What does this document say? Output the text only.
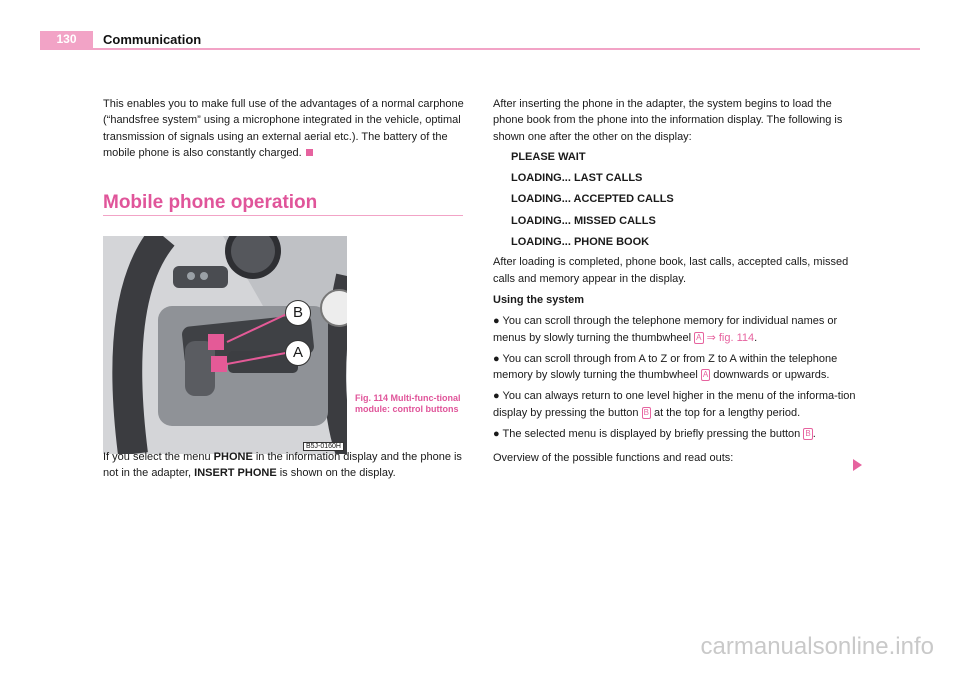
130	Communication

This enables you to make full use of the advantages of a normal carphone (“handsfree system” using a microphone integrated in the vehicle, optimal transmission of signals using an external aerial etc.). The battery of the mobile phone is also constantly charged.

Mobile phone operation
B
A
B5J-0160H
Fig. 114 Multi-func-tional module: control buttons

If you select the menu PHONE in the information display and the phone is not in the adapter, INSERT PHONE is shown on the display.

After inserting the phone in the adapter, the system begins to load the phone book from the phone into the information display. The following is shown one after the other on the display:

PLEASE WAIT

LOADING... LAST CALLS

LOADING... ACCEPTED CALLS

LOADING... MISSED CALLS

LOADING... PHONE BOOK

After loading is completed, phone book, last calls, accepted calls, missed calls and memory appear in the display.

Using the system

● You can scroll through the telephone memory for individual names or menus by slowly turning the thumbwheel A ⇒ fig. 114.

● You can scroll through from A to Z or from Z to A within the telephone memory by slowly turning the thumbwheel A downwards or upwards.

● You can always return to one level higher in the menu of the informa-tion display by pressing the button B at the top for a lengthy period.

● The selected menu is displayed by briefly pressing the button B .

Overview of the possible functions and read outs:

carmanualsonline.info
